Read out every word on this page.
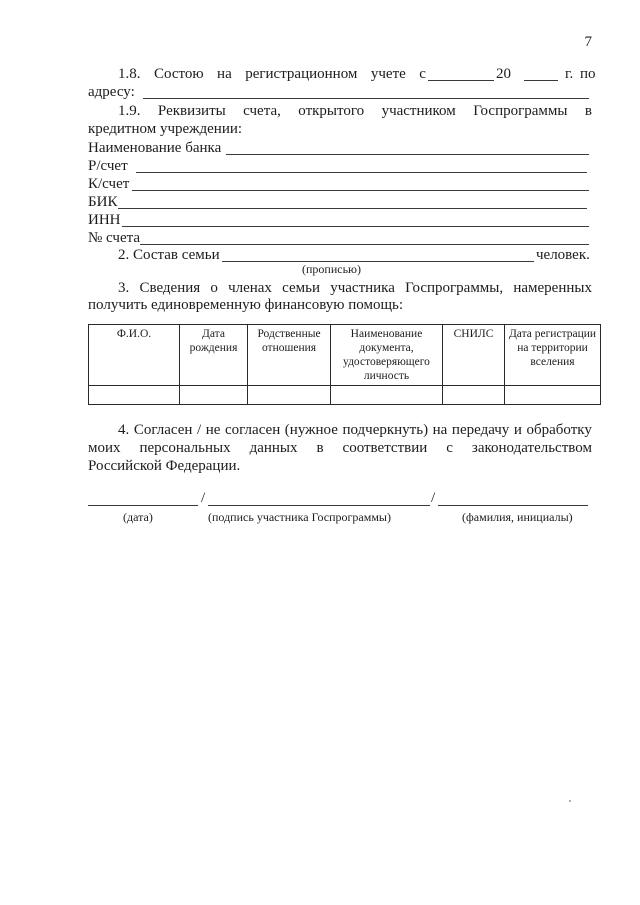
7
1.8. Состою на регистрационном учете с	20	г. по
адресу:
1.9. Реквизиты счета, открытого участником Госпрограммы в
кредитном учреждении:
Наименование банка
Р/счет
К/счет
БИК
ИНН
№ счета
2. Состав семьи	человек.
(прописью)
3. Сведения о членах семьи участника Госпрограммы, намеренных
получить единовременную финансовую помощь:
Ф.И.О.	Дата рождения	Родственные отношения	Наименование документа, удостоверяющего личность	СНИЛС	Дата регистрации на территории вселения

4. Согласен / не согласен (нужное подчеркнуть) на передачу и обработку
моих персональных данных в соответствии с законодательством
Российской Федерации.
/	/
(дата)	(подпись участника Госпрограммы)	(фамилия, инициалы)
